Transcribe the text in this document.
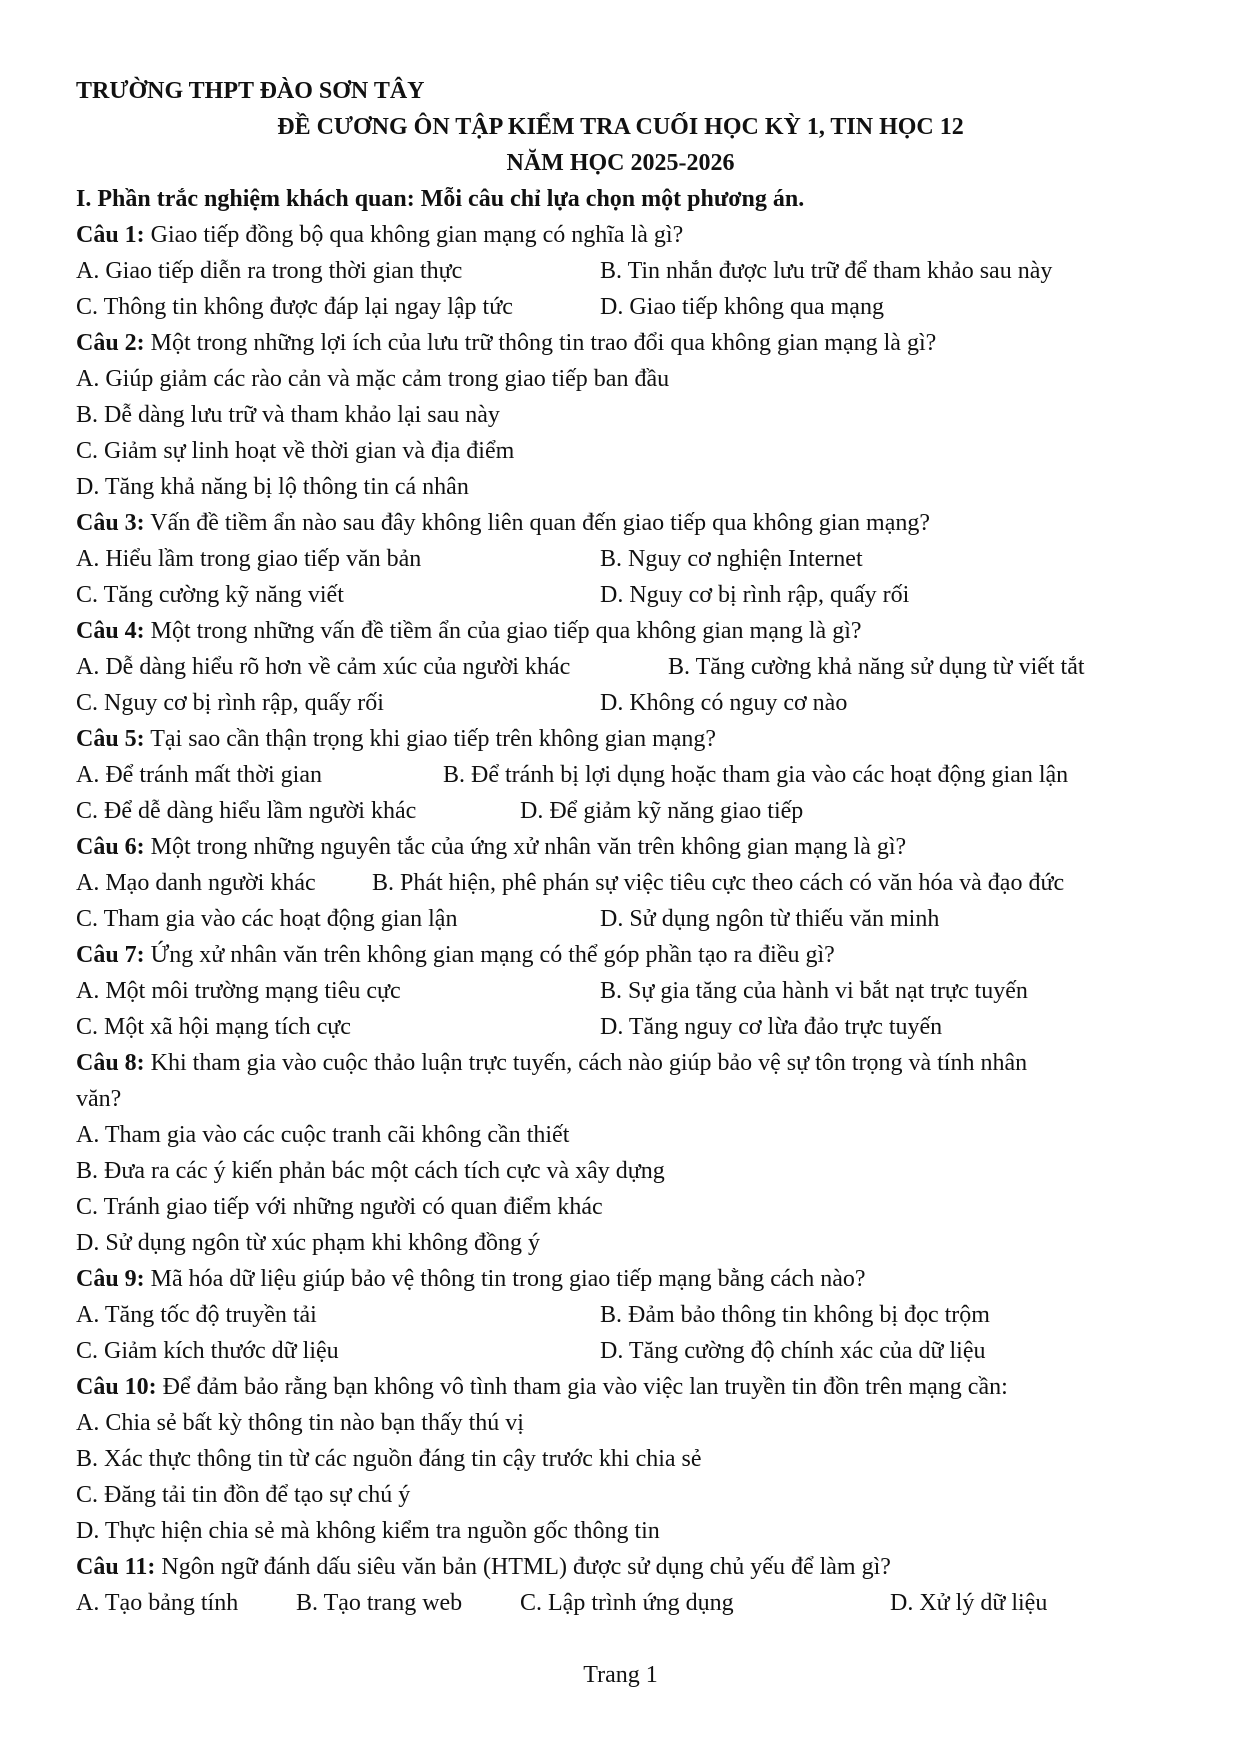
TRƯỜNG THPT ĐÀO SƠN TÂY
ĐỀ CƯƠNG ÔN TẬP KIỂM TRA CUỐI HỌC KỲ 1, TIN HỌC 12
NĂM HỌC 2025-2026
I. Phần trắc nghiệm khách quan: Mỗi câu chỉ lựa chọn một phương án.
Trang 1
Câu 1: Giao tiếp đồng bộ qua không gian mạng có nghĩa là gì?
A. Giao tiếp diễn ra trong thời gian thực	B. Tin nhắn được lưu trữ để tham khảo sau này
C. Thông tin không được đáp lại ngay lập tức	D. Giao tiếp không qua mạng
Câu 2: Một trong những lợi ích của lưu trữ thông tin trao đổi qua không gian mạng là gì?
A. Giúp giảm các rào cản và mặc cảm trong giao tiếp ban đầu
B. Dễ dàng lưu trữ và tham khảo lại sau này
C. Giảm sự linh hoạt về thời gian và địa điểm
D. Tăng khả năng bị lộ thông tin cá nhân
Câu 3: Vấn đề tiềm ẩn nào sau đây không liên quan đến giao tiếp qua không gian mạng?
A. Hiểu lầm trong giao tiếp văn bản	B. Nguy cơ nghiện Internet
C. Tăng cường kỹ năng viết	D. Nguy cơ bị rình rập, quấy rối
Câu 4: Một trong những vấn đề tiềm ẩn của giao tiếp qua không gian mạng là gì?
A. Dễ dàng hiểu rõ hơn về cảm xúc của người khác	B. Tăng cường khả năng sử dụng từ viết tắt
C. Nguy cơ bị rình rập, quấy rối	D. Không có nguy cơ nào
Câu 5: Tại sao cần thận trọng khi giao tiếp trên không gian mạng?
A. Để tránh mất thời gian	B. Để tránh bị lợi dụng hoặc tham gia vào các hoạt động gian lận
C. Để dễ dàng hiểu lầm người khác	D. Để giảm kỹ năng giao tiếp
Câu 6: Một trong những nguyên tắc của ứng xử nhân văn trên không gian mạng là gì?
A. Mạo danh người khác B. Phát hiện, phê phán sự việc tiêu cực theo cách có văn hóa và đạo đức
C. Tham gia vào các hoạt động gian lận	D. Sử dụng ngôn từ thiếu văn minh
Câu 7: Ứng xử nhân văn trên không gian mạng có thể góp phần tạo ra điều gì?
A. Một môi trường mạng tiêu cực	B. Sự gia tăng của hành vi bắt nạt trực tuyến
C. Một xã hội mạng tích cực	D. Tăng nguy cơ lừa đảo trực tuyến
Câu 8: Khi tham gia vào cuộc thảo luận trực tuyến, cách nào giúp bảo vệ sự tôn trọng và tính nhân
văn?
A. Tham gia vào các cuộc tranh cãi không cần thiết
B. Đưa ra các ý kiến phản bác một cách tích cực và xây dựng
C. Tránh giao tiếp với những người có quan điểm khác
D. Sử dụng ngôn từ xúc phạm khi không đồng ý
Câu 9: Mã hóa dữ liệu giúp bảo vệ thông tin trong giao tiếp mạng bằng cách nào?
A. Tăng tốc độ truyền tải	B. Đảm bảo thông tin không bị đọc trộm
C. Giảm kích thước dữ liệu	D. Tăng cường độ chính xác của dữ liệu
Câu 10: Để đảm bảo rằng bạn không vô tình tham gia vào việc lan truyền tin đồn trên mạng cần:
A. Chia sẻ bất kỳ thông tin nào bạn thấy thú vị
B. Xác thực thông tin từ các nguồn đáng tin cậy trước khi chia sẻ
C. Đăng tải tin đồn để tạo sự chú ý
D. Thực hiện chia sẻ mà không kiểm tra nguồn gốc thông tin
Câu 11: Ngôn ngữ đánh dấu siêu văn bản (HTML) được sử dụng chủ yếu để làm gì?
A. Tạo bảng tính B. Tạo trang web C. Lập trình ứng dụng	D. Xử lý dữ liệu
